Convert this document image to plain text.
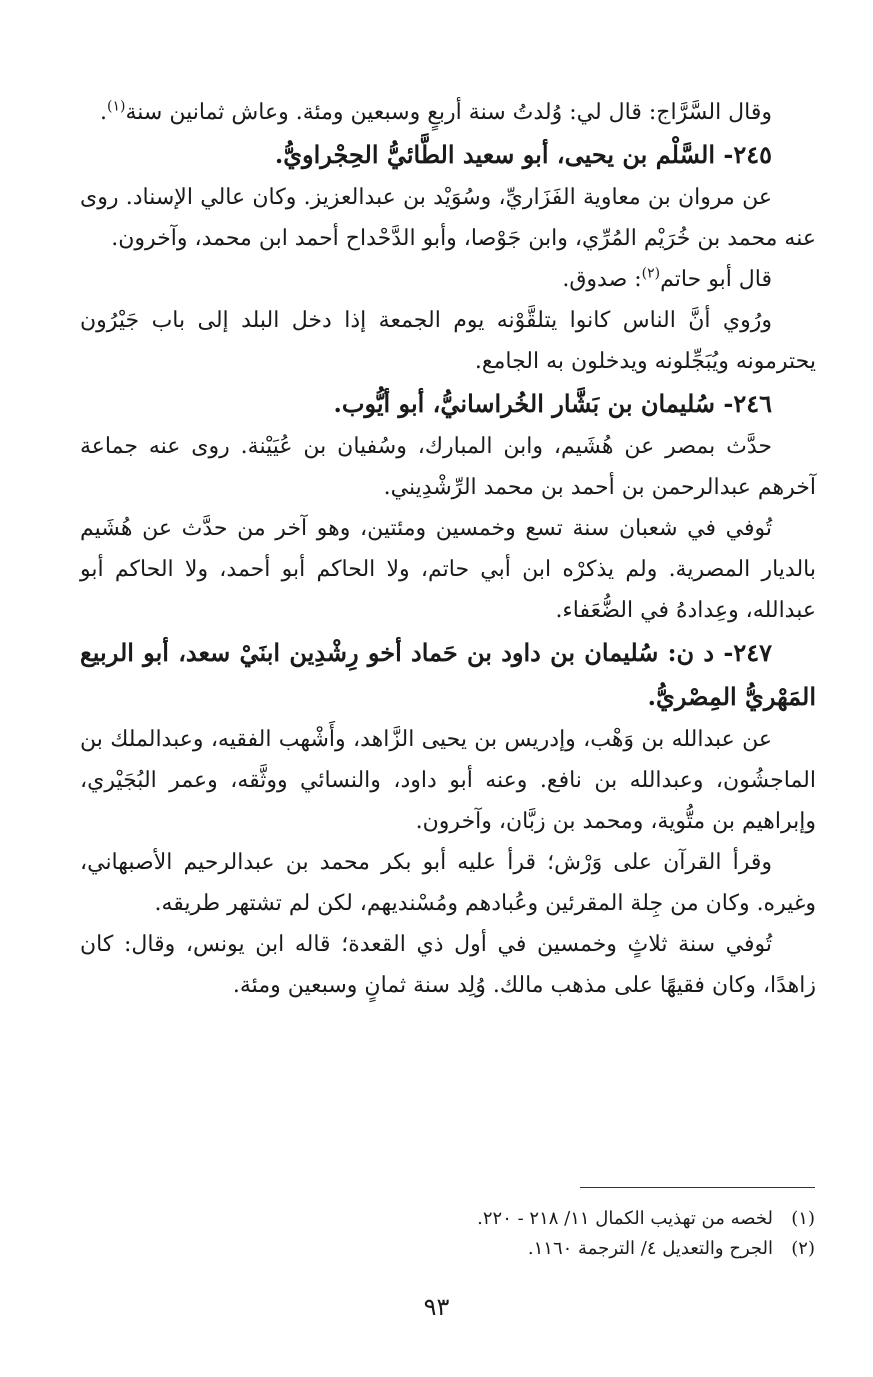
وقال السَّرَّاج: قال لي: وُلدتُ سنة أربعٍ وسبعين ومئة. وعاش ثمانين سنة$^{(١)}$.

٢٤٥- السَّلْم بن يحيى، أبو سعيد الطَّائيُّ الحِجْراويُّ.

عن مروان بن معاوية الفَزَاريِّ، وسُوَيْد بن عبدالعزيز. وكان عالي الإسناد. روى عنه محمد بن خُرَيْم المُرِّي، وابن جَوْصا، وأبو الدَّحْداح أحمد ابن محمد، وآخرون.

قال أبو حاتم$^{(٢)}$: صدوق.

ورُوي أنَّ الناس كانوا يتلقَّوْنه يوم الجمعة إذا دخل البلد إلى باب جَيْرُون يحترمونه ويُبَجِّلونه ويدخلون به الجامع.

٢٤٦- سُليمان بن بَشَّار الخُراسانيُّ، أبو أيُّوب.

حدَّث بمصر عن هُشَيم، وابن المبارك، وسُفيان بن عُيَيْنة. روى عنه جماعة آخرهم عبدالرحمن بن أحمد بن محمد الرِّشْدِيني.

تُوفي في شعبان سنة تسع وخمسين ومئتين، وهو آخر من حدَّث عن هُشَيم بالديار المصرية. ولم يذكرْه ابن أبي حاتم، ولا الحاكم أبو أحمد، ولا الحاكم أبو عبدالله، وعِدادهُ في الضُّعَفاء.

٢٤٧- د ن: سُليمان بن داود بن حَماد أخو رِشْدِين ابنَيْ سعد، أبو الربيع المَهْريُّ المِصْريُّ.

عن عبدالله بن وَهْب، وإدريس بن يحيى الزَّاهد، وأَشْهب الفقيه، وعبدالملك بن الماجشُون، وعبدالله بن نافع. وعنه أبو داود، والنسائي ووثَّقه، وعمر البُجَيْري، وإبراهيم بن متُّوية، ومحمد بن زبَّان، وآخرون.

وقرأ القرآن على وَرْش؛ قرأ عليه أبو بكر محمد بن عبدالرحيم الأصبهاني، وغيره. وكان من جِلة المقرئين وعُبادهم ومُسْنديهم، لكن لم تشتهر طريقه.

تُوفي سنة ثلاثٍ وخمسين في أول ذي القعدة؛ قاله ابن يونس، وقال: كان زاهدًا، وكان فقيهًا على مذهب مالك. وُلِد سنة ثمانٍ وسبعين ومئة.

(١)
لخصه من تهذيب الكمال ١١/ ٢١٨ - ٢٢٠.

(٢)
الجرح والتعديل ٤/ الترجمة ١١٦٠.

٩٣
